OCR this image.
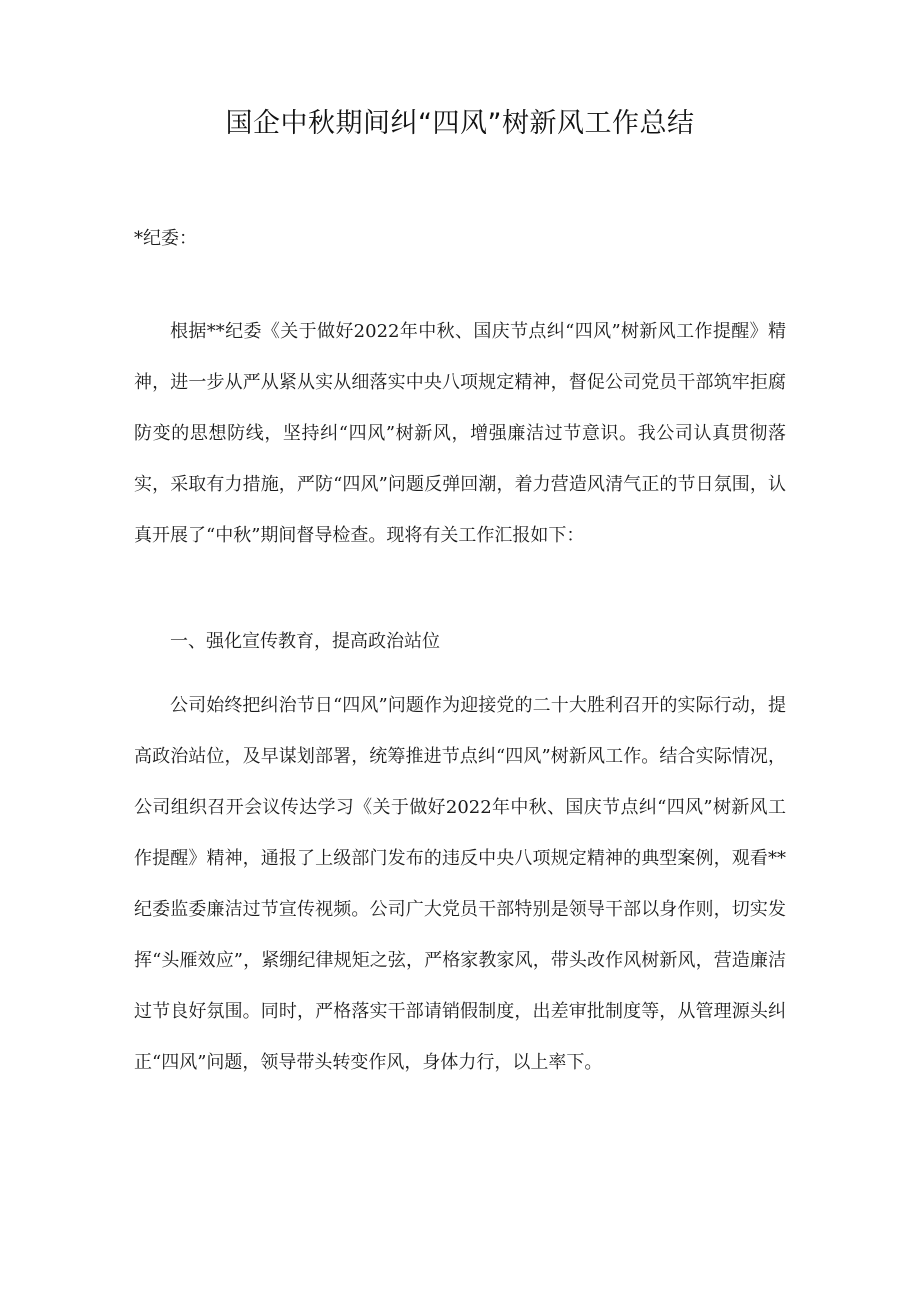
国企中秋期间纠“四风”树新风工作总结
*纪委：

根据**纪委《关于做好2022年中秋、国庆节点纠“四风”树新风工作提醒》精神，进一步从严从紧从实从细落实中央八项规定精神，督促公司党员干部筑牢拒腐防变的思想防线，坚持纠“四风”树新风，增强廉洁过节意识。我公司认真贯彻落实，采取有力措施，严防“四风”问题反弹回潮，着力营造风清气正的节日氛围，认真开展了“中秋”期间督导检查。现将有关工作汇报如下：

一、强化宣传教育，提高政治站位

公司始终把纠治节日“四风”问题作为迎接党的二十大胜利召开的实际行动，提高政治站位，及早谋划部署，统筹推进节点纠“四风”树新风工作。结合实际情况，公司组织召开会议传达学习《关于做好2022年中秋、国庆节点纠“四风”树新风工作提醒》精神，通报了上级部门发布的违反中央八项规定精神的典型案例，观看**纪委监委廉洁过节宣传视频。公司广大党员干部特别是领导干部以身作则，切实发挥“头雁效应”，紧绷纪律规矩之弦，严格家教家风，带头改作风树新风，营造廉洁过节良好氛围。同时，严格落实干部请销假制度，出差审批制度等，从管理源头纠正“四风”问题，领导带头转变作风，身体力行，以上率下。
